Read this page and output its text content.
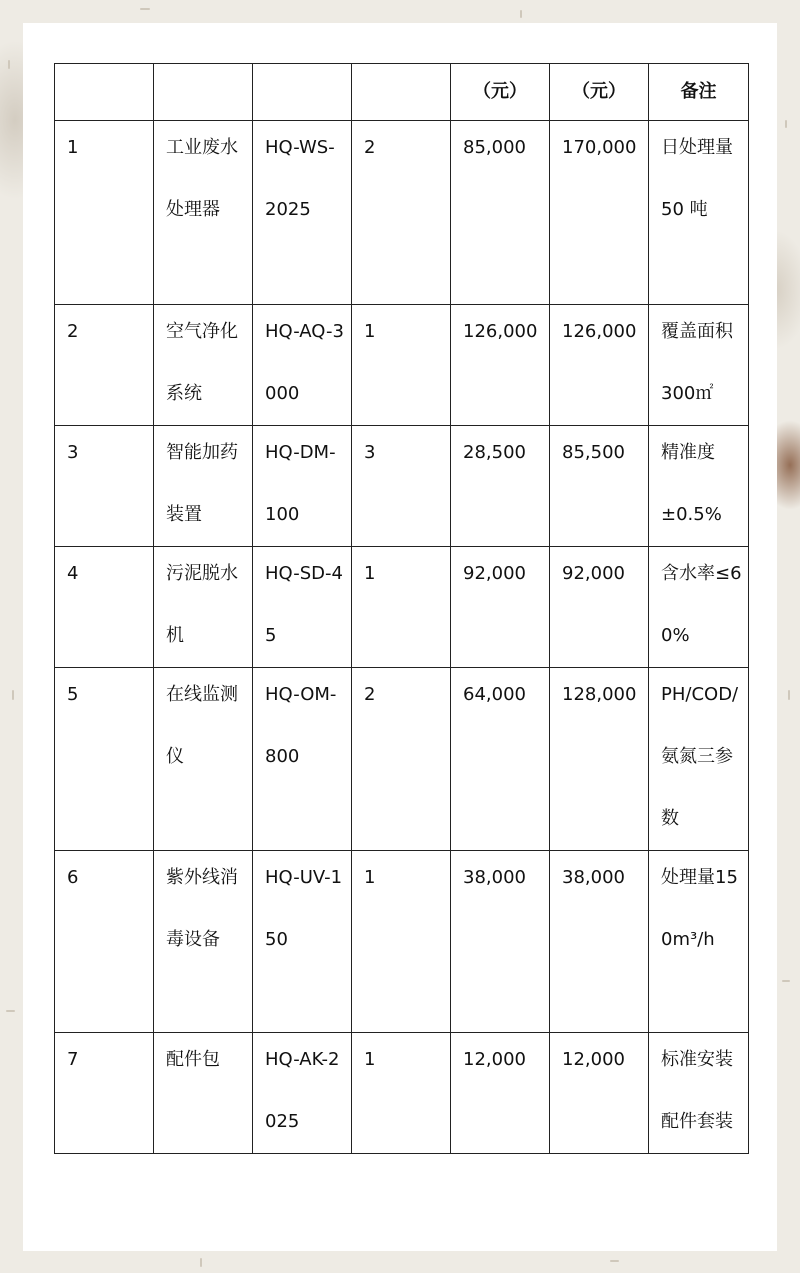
				（元）	（元）	备注

1	工业废水处理器	HQ-WS-2025	2	85,000	170,000	日处理量50 吨

2	空气净化系统	HQ-AQ-3000	1	126,000	126,000	覆盖面积300㎡

3	智能加药装置	HQ-DM-100	3	28,500	85,500	精准度±0.5%

4	污泥脱水机	HQ-SD-45	1	92,000	92,000	含水率≤60%

5	在线监测仪	HQ-OM-800	2	64,000	128,000	PH/COD/氨氮三参数

6	紫外线消毒设备	HQ-UV-150	1	38,000	38,000	处理量150m³/h

7	配件包	HQ-AK-2025	1	12,000	12,000	标准安装配件套装
